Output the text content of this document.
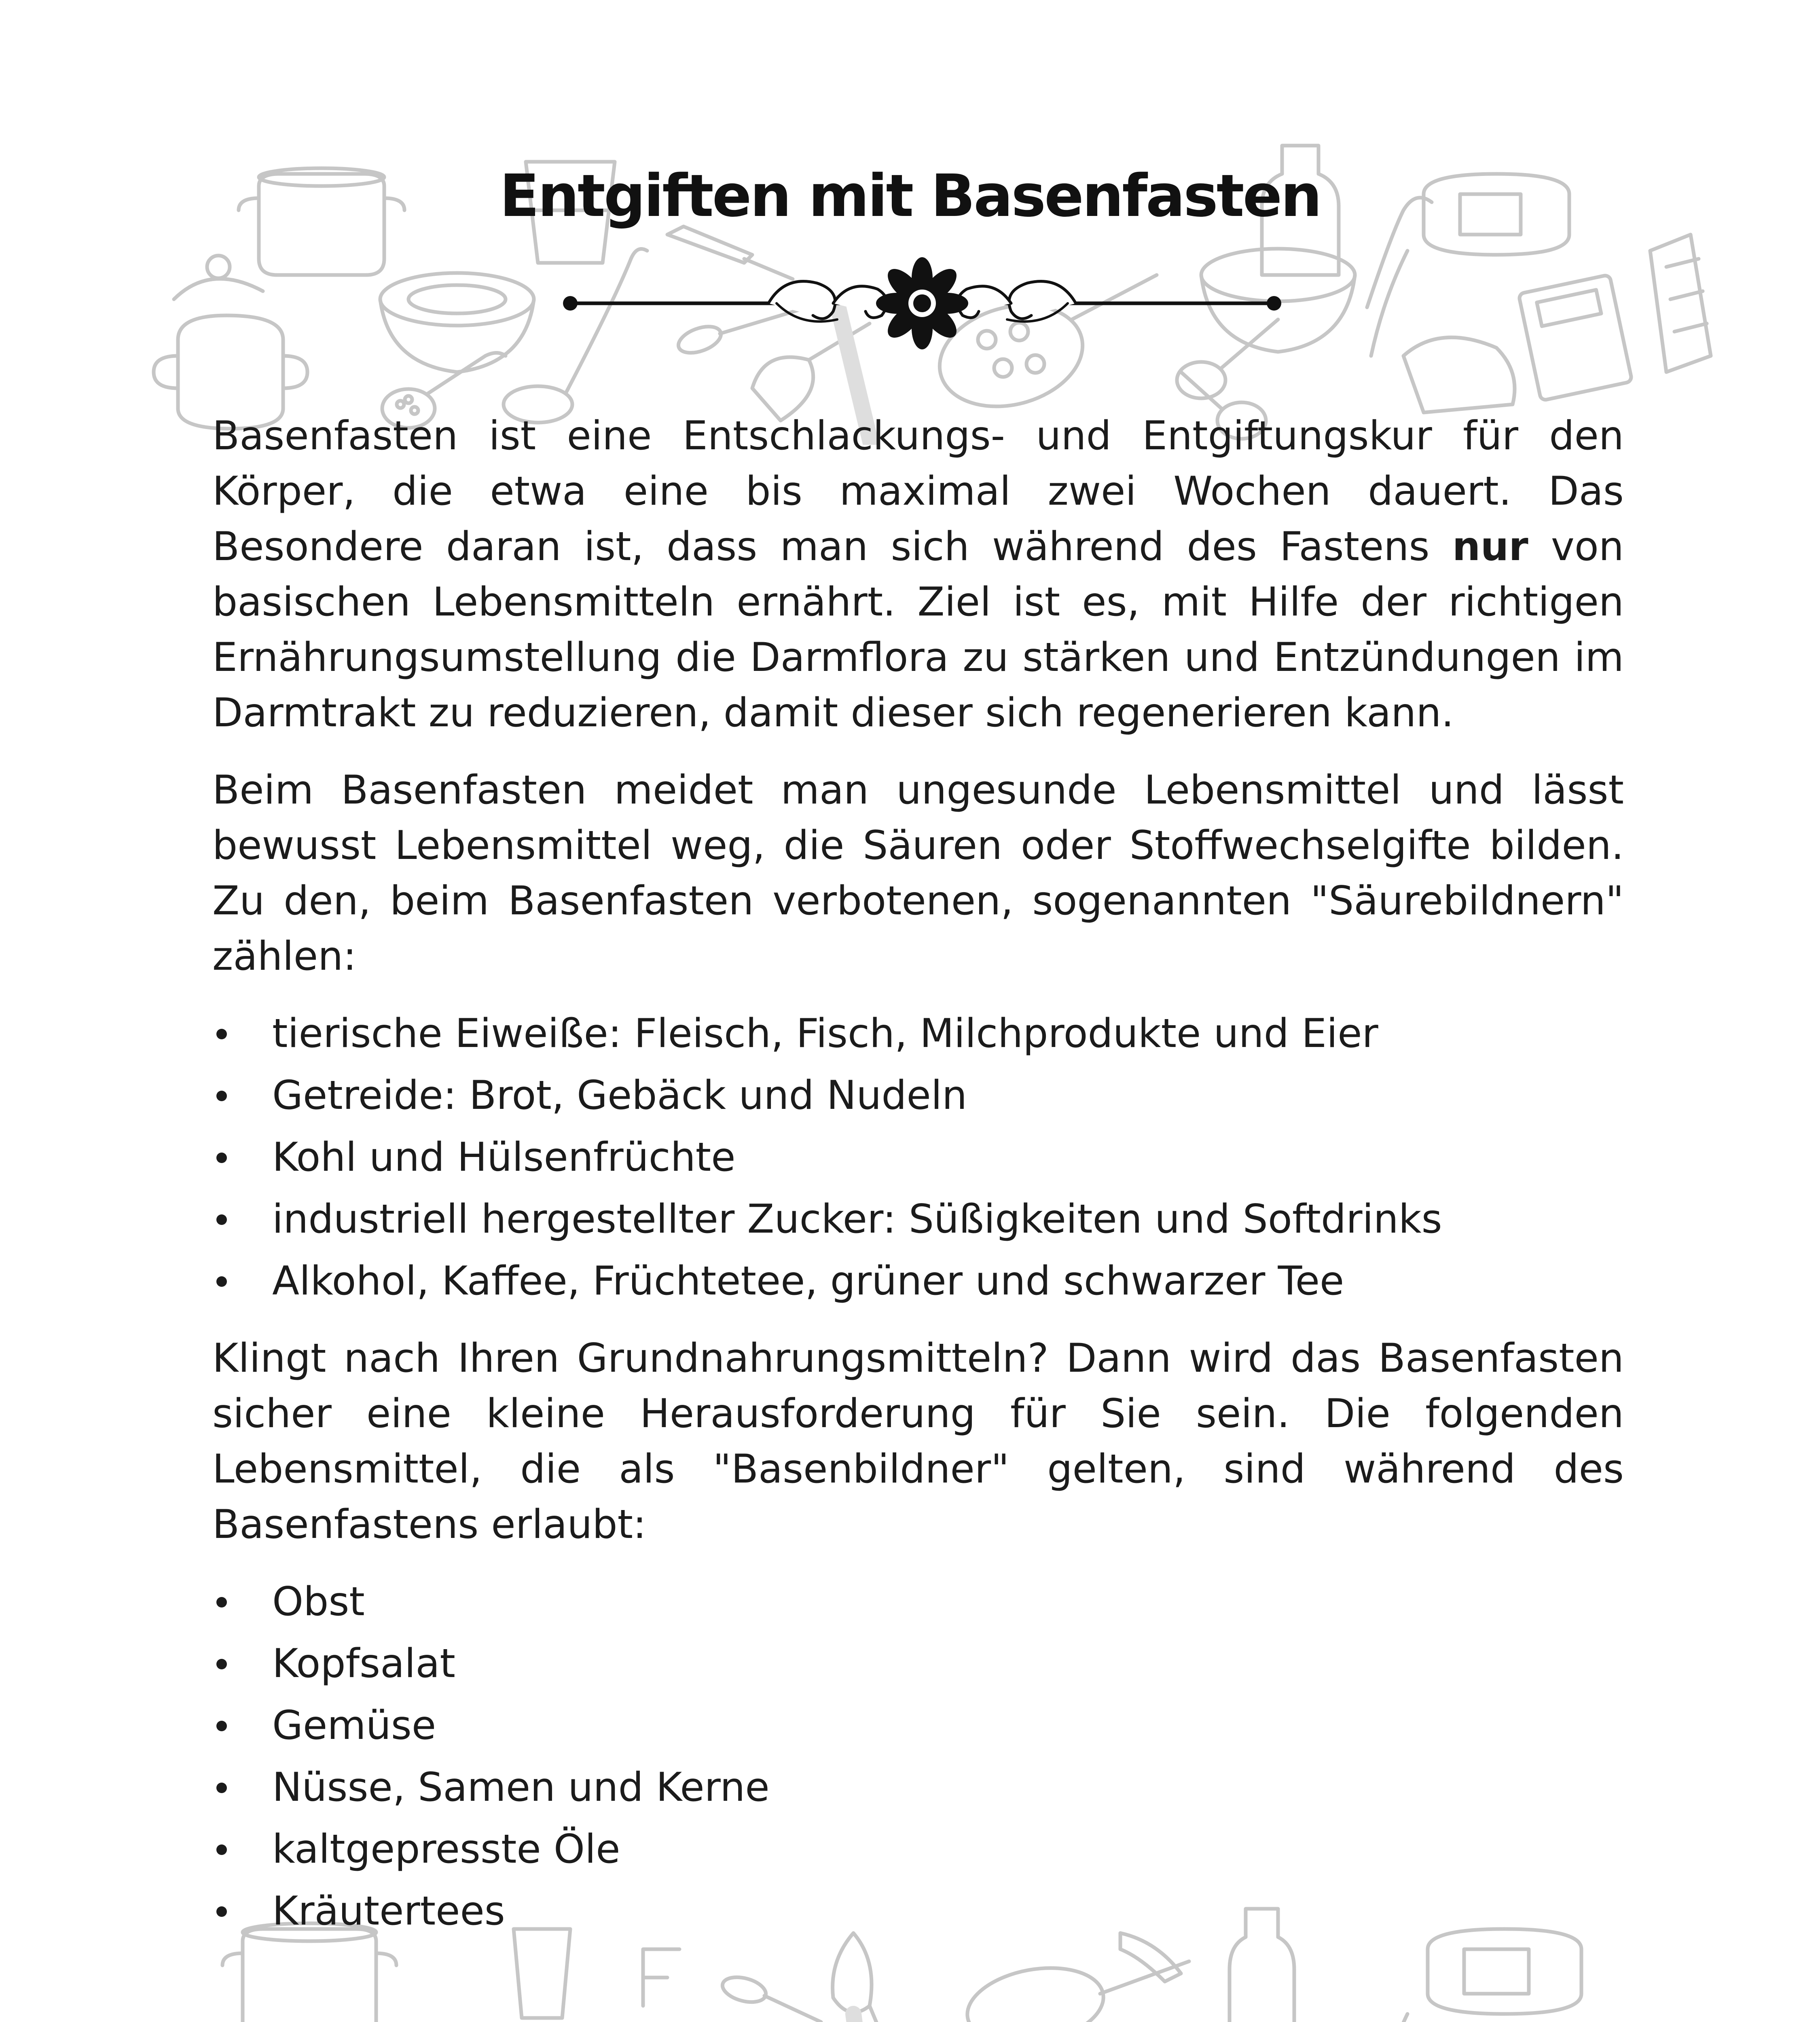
Entgiften mit Basenfasten

Basenfasten ist eine Entschlackungs- und Entgiftungskur für den Körper, die etwa eine bis maximal zwei Wochen dauert. Das Besondere daran ist, dass man sich während des Fastens nur von basischen Lebensmitteln ernährt. Ziel ist es, mit Hilfe der richtigen Ernährungsumstellung die Darmflora zu stärken und Entzündungen im Darmtrakt zu reduzieren, damit dieser sich regenerieren kann.

Beim Basenfasten meidet man ungesunde Lebensmittel und lässt bewusst Lebensmittel weg, die Säuren oder Stoffwechselgifte bilden. Zu den, beim Basenfasten verbotenen, sogenannten "Säurebildnern" zählen:

tierische Eiweiße: Fleisch, Fisch, Milchprodukte und Eier
Getreide: Brot, Gebäck und Nudeln
Kohl und Hülsenfrüchte
industriell hergestellter Zucker: Süßigkeiten und Softdrinks
Alkohol, Kaffee, Früchtetee, grüner und schwarzer Tee

Klingt nach Ihren Grundnahrungsmitteln? Dann wird das Basenfasten sicher eine kleine Herausforderung für Sie sein. Die folgenden Lebensmittel, die als "Basenbildner" gelten, sind während des Basenfastens erlaubt:

Obst
Kopfsalat
Gemüse
Nüsse, Samen und Kerne
kaltgepresste Öle
Kräutertees
